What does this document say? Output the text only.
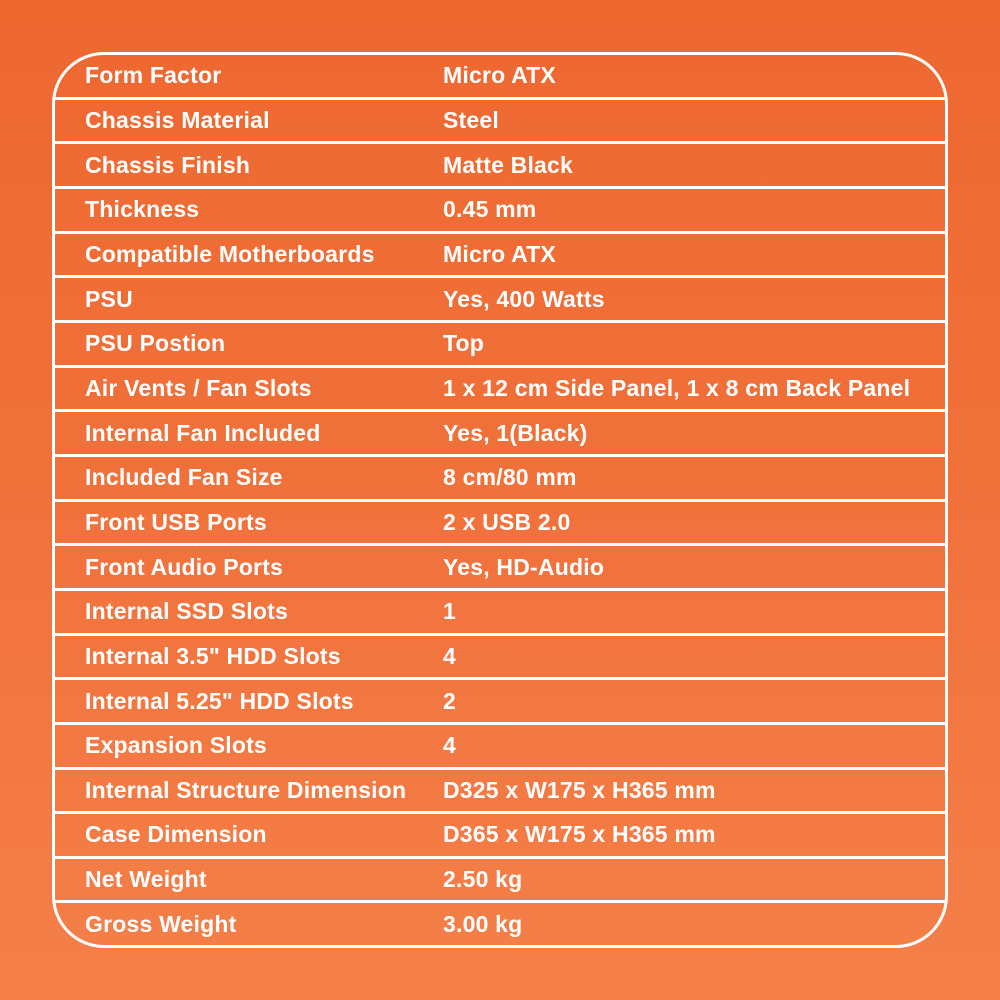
Form Factor	Micro ATX
Chassis Material	Steel
Chassis Finish	Matte Black
Thickness	0.45 mm
Compatible Motherboards	Micro ATX
PSU	Yes, 400 Watts
PSU Postion	Top
Air Vents / Fan Slots	1 x 12 cm Side Panel, 1 x 8 cm Back Panel
Internal Fan Included	Yes, 1(Black)
Included Fan Size	8 cm/80 mm
Front USB Ports	2 x USB 2.0
Front Audio Ports	Yes, HD-Audio
Internal SSD Slots	1
Internal 3.5" HDD Slots	4
Internal 5.25" HDD Slots	2
Expansion Slots	4
Internal Structure Dimension	D325 x W175 x H365 mm
Case Dimension	D365 x W175 x H365 mm
Net Weight	2.50 kg
Gross Weight	3.00 kg
